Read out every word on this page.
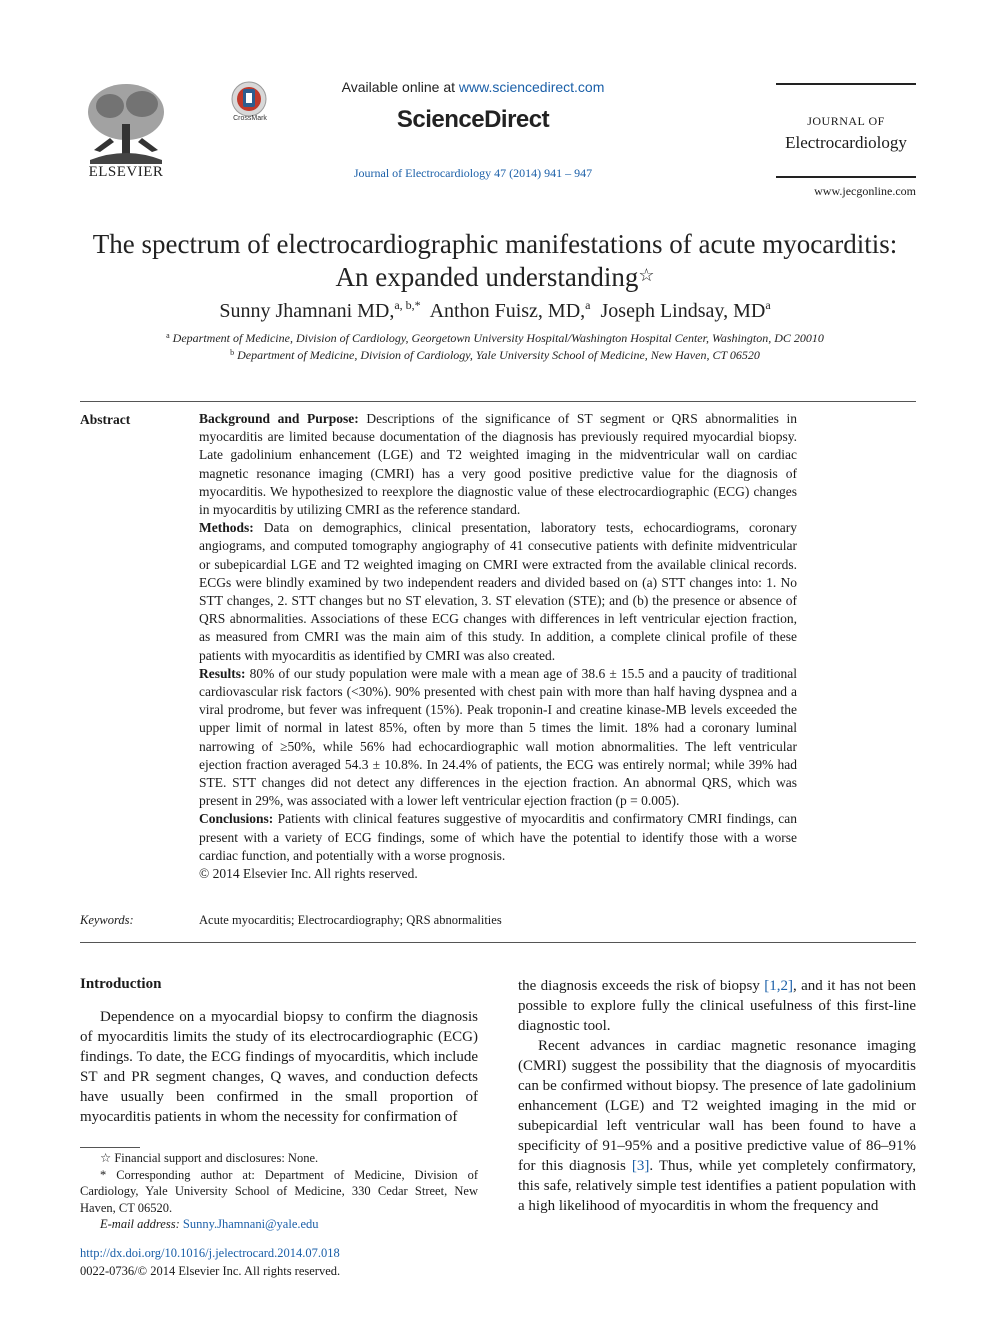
ELSEVIER
CrossMark
Available online at www.sciencedirect.com
ScienceDirect
Journal of Electrocardiology 47 (2014) 941 – 947
JOURNAL OF
Electrocardiology
www.jecgonline.com
The spectrum of electrocardiographic manifestations of acute myocarditis:
An expanded understanding☆
Sunny Jhamnani MD,$^{a, b,*}$ Anthon Fuisz, MD,$^a$ Joseph Lindsay, $MD^a$
$^a$ Department of Medicine, Division of Cardiology, Georgetown University Hospital/Washington Hospital Center, Washington, DC 20010
$^b$ Department of Medicine, Division of Cardiology, Yale University School of Medicine, New Haven, CT 06520
Abstract	Background and Purpose: Descriptions of the significance of ST segment or QRS abnormalities in myocarditis are limited because documentation of the diagnosis has previously required myocardial biopsy. Late gadolinium enhancement (LGE) and T2 weighted imaging in the midventricular wall on cardiac magnetic resonance imaging (CMRI) has a very good positive predictive value for the diagnosis of myocarditis. We hypothesized to reexplore the diagnostic value of these electrocardiographic (ECG) changes in myocarditis by utilizing CMRI as the reference standard.

Methods: Data on demographics, clinical presentation, laboratory tests, echocardiograms, coronary angiograms, and computed tomography angiography of 41 consecutive patients with definite midventricular or subepicardial LGE and T2 weighted imaging on CMRI were extracted from the available clinical records. ECGs were blindly examined by two independent readers and divided based on (a) STT changes into: 1. No STT changes, 2. STT changes but no ST elevation, 3. ST elevation (STE); and (b) the presence or absence of QRS abnormalities. Associations of these ECG changes with differences in left ventricular ejection fraction, as measured from CMRI was the main aim of this study. In addition, a complete clinical profile of these patients with myocarditis as identified by CMRI was also created.

Results: 80% of our study population were male with a mean age of 38.6 ± 15.5 and a paucity of traditional cardiovascular risk factors (<30%). 90% presented with chest pain with more than half having dyspnea and a viral prodrome, but fever was infrequent (15%). Peak troponin-I and creatine kinase-MB levels exceeded the upper limit of normal in latest 85%, often by more than 5 times the limit. 18% had a coronary luminal narrowing of ≥50%, while 56% had echocardiographic wall motion abnormalities. The left ventricular ejection fraction averaged 54.3 ± 10.8%. In 24.4% of patients, the ECG was entirely normal; while 39% had STE. STT changes did not detect any differences in the ejection fraction. An abnormal QRS, which was present in 29%, was associated with a lower left ventricular ejection fraction (p = 0.005).

Conclusions: Patients with clinical features suggestive of myocarditis and confirmatory CMRI findings, can present with a variety of ECG findings, some of which have the potential to identify those with a worse cardiac function, and potentially with a worse prognosis.

© 2014 Elsevier Inc. All rights reserved.

Keywords:	Acute myocarditis; Electrocardiography; QRS abnormalities
Introduction

Dependence on a myocardial biopsy to confirm the diagnosis of myocarditis limits the study of its electrocardiographic (ECG) findings. To date, the ECG findings of myocarditis, which include ST and PR segment changes, Q waves, and conduction defects have usually been confirmed in the small proportion of myocarditis patients in whom the necessity for confirmation of

the diagnosis exceeds the risk of biopsy [1,2], and it has not been possible to explore fully the clinical usefulness of this first-line diagnostic tool.

Recent advances in cardiac magnetic resonance imaging (CMRI) suggest the possibility that the diagnosis of myocarditis can be confirmed without biopsy. The presence of late gadolinium enhancement (LGE) and T2 weighted imaging in the mid or subepicardial left ventricular wall has been found to have a specificity of 91–95% and a positive predictive value of 86–91% for this diagnosis [3]. Thus, while yet completely confirmatory, this safe, relatively simple test identifies a patient population with a high likelihood of myocarditis in whom the frequency and

☆ Financial support and disclosures: None.

* Corresponding author at: Department of Medicine, Division of Cardiology, Yale University School of Medicine, 330 Cedar Street, New Haven, CT 06520.

E-mail address: Sunny.Jhamnani@yale.edu

http://dx.doi.org/10.1016/j.jelectrocard.2014.07.018
0022-0736/© 2014 Elsevier Inc. All rights reserved.
